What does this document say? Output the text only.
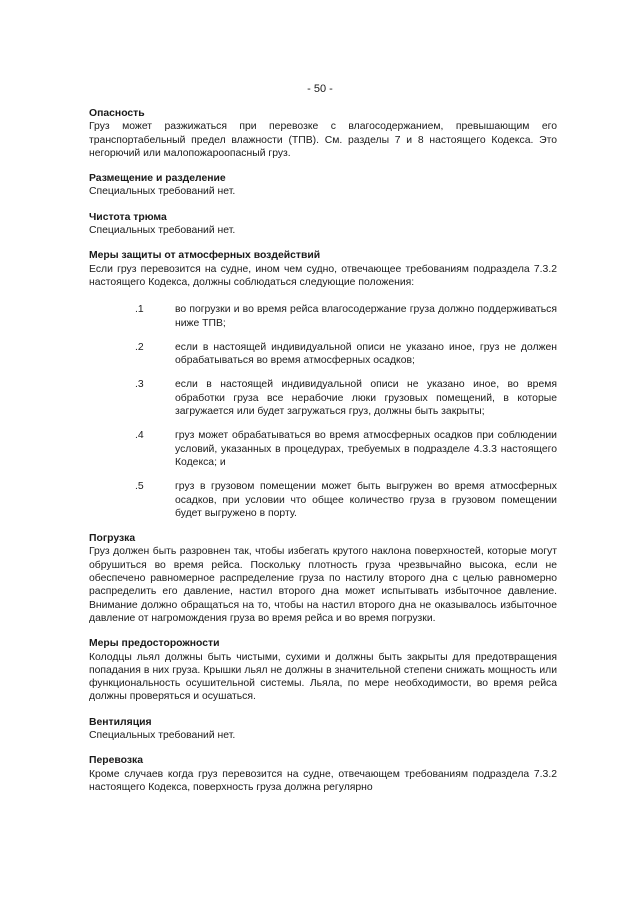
- 50 -

Опасность

Груз может разжижаться при перевозке с влагосодержанием, превышающим его транспортабельный предел влажности (ТПВ). См. разделы 7 и 8 настоящего Кодекса. Это негорючий или малопожароопасный груз.

Размещение и разделение

Специальных требований нет.

Чистота трюма

Специальных требований нет.

Меры защиты от атмосферных воздействий

Если груз перевозится на судне, ином чем судно, отвечающее требованиям подраздела 7.3.2 настоящего Кодекса, должны соблюдаться следующие положения:

.1	во погрузки и во время рейса влагосодержание груза должно поддерживаться ниже ТПВ;
.2	если в настоящей индивидуальной описи не указано иное, груз не должен обрабатываться во время атмосферных осадков;
.3	если в настоящей индивидуальной описи не указано иное, во время обработки груза все нерабочие люки грузовых помещений, в которые загружается или будет загружаться груз, должны быть закрыты;
.4	груз может обрабатываться во время атмосферных осадков при соблюдении условий, указанных в процедурах, требуемых в подразделе 4.3.3 настоящего Кодекса; и
.5	груз в грузовом помещении может быть выгружен во время атмосферных осадков, при условии что общее количество груза в грузовом помещении будет выгружено в порту.

Погрузка

Груз должен быть разровнен так, чтобы избегать крутого наклона поверхностей, которые могут обрушиться во время рейса. Поскольку плотность груза чрезвычайно высока, если не обеспечено равномерное распределение груза по настилу второго дна с целью равномерно распределить его давление, настил второго дна может испытывать избыточное давление. Внимание должно обращаться на то, чтобы на настил второго дна не оказывалось избыточное давление от нагромождения груза во время рейса и во время погрузки.

Меры предосторожности

Колодцы льял должны быть чистыми, сухими и должны быть закрыты для предотвращения попадания в них груза. Крышки льял не должны в значительной степени снижать мощность или функциональность осушительной системы. Льяла, по мере необходимости, во время рейса должны проверяться и осушаться.

Вентиляция

Специальных требований нет.

Перевозка

Кроме случаев когда груз перевозится на судне, отвечающем требованиям подраздела 7.3.2 настоящего Кодекса, поверхность груза должна регулярно
